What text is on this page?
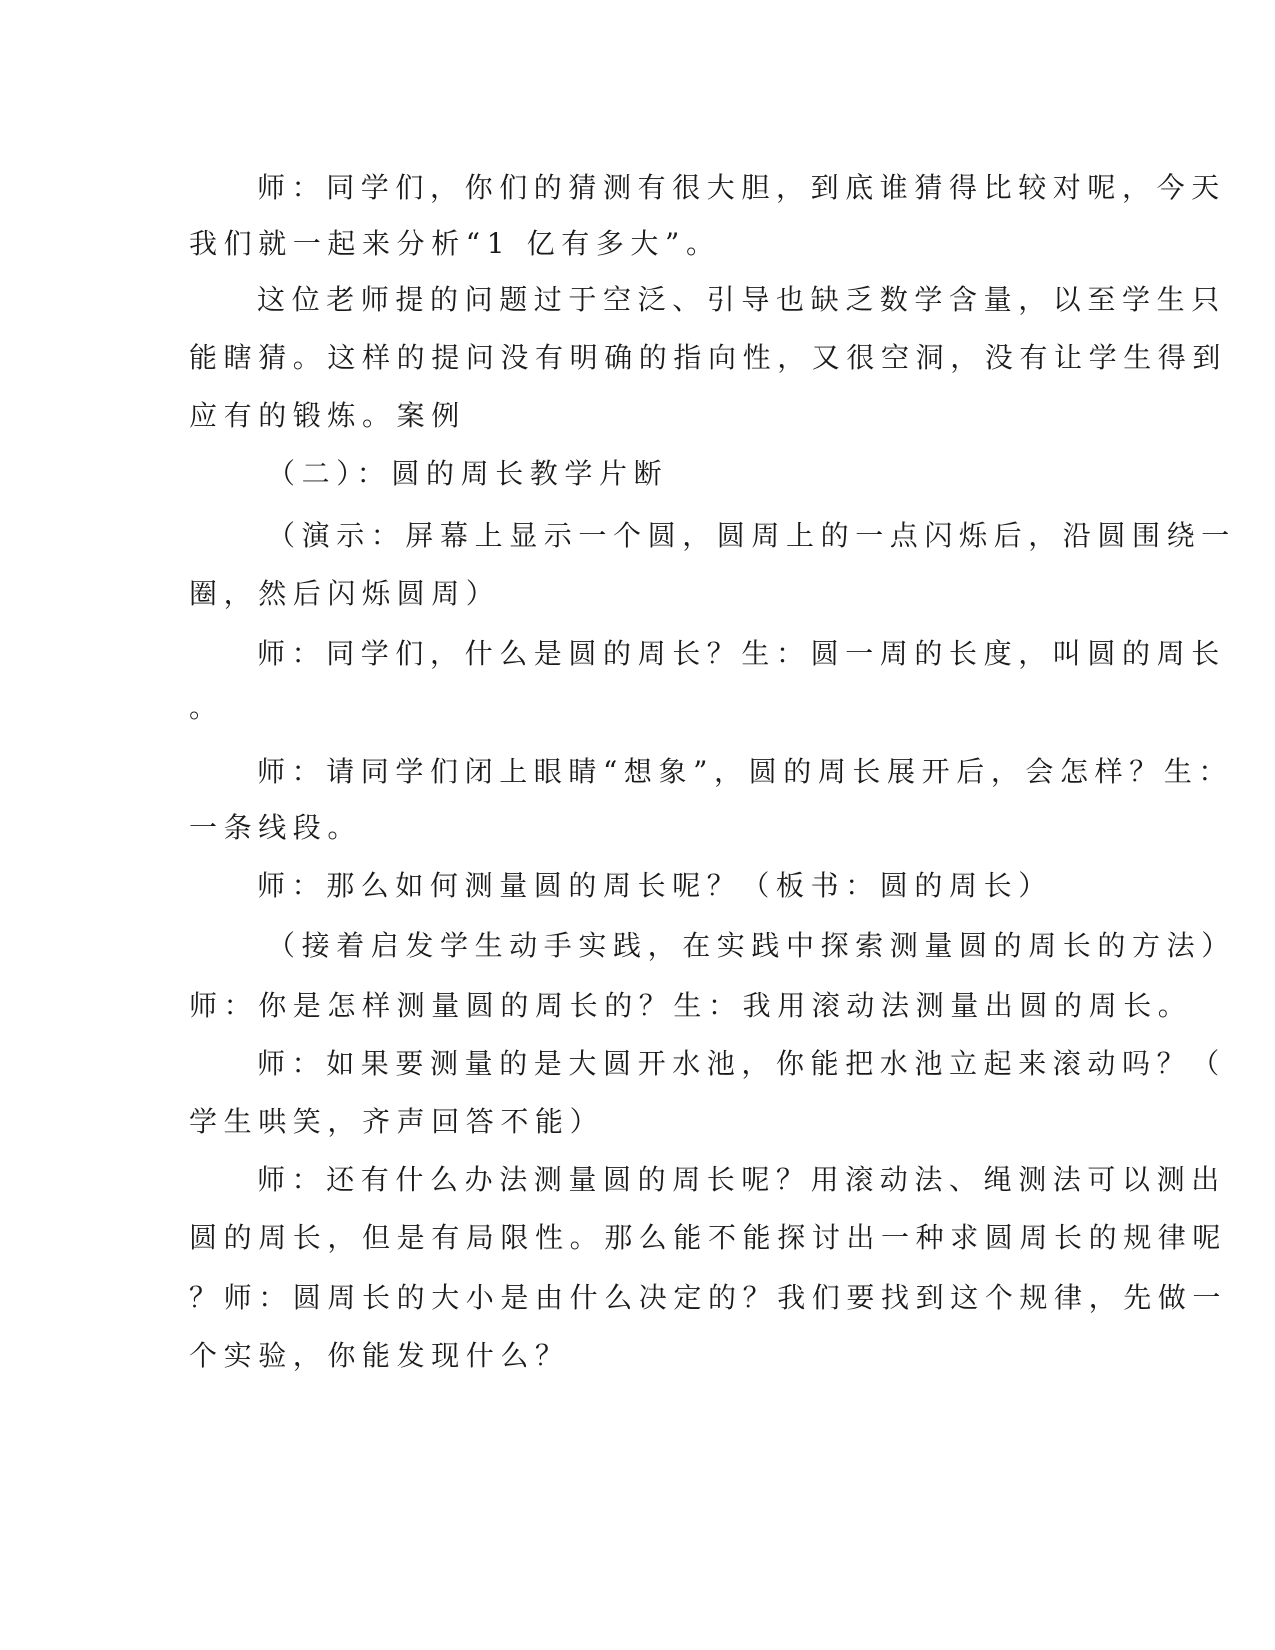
师：同学们，你们的猜测有很大胆，到底谁猜得比较对呢，今天
我们就一起来分析“1 亿有多大”。
这位老师提的问题过于空泛、引导也缺乏数学含量，以至学生只
能瞎猜。这样的提问没有明确的指向性，又很空洞，没有让学生得到
应有的锻炼。案例
（二）：圆的周长教学片断
（演示：屏幕上显示一个圆，圆周上的一点闪烁后，沿圆围绕一
圈，然后闪烁圆周）
师：同学们，什么是圆的周长？生：圆一周的长度，叫圆的周长
。
师：请同学们闭上眼睛“想象”，圆的周长展开后，会怎样？生：
一条线段。
师：那么如何测量圆的周长呢？（板书：圆的周长）
（接着启发学生动手实践，在实践中探索测量圆的周长的方法）
师：你是怎样测量圆的周长的？生：我用滚动法测量出圆的周长。
师：如果要测量的是大圆开水池，你能把水池立起来滚动吗？（
学生哄笑，齐声回答不能）
师：还有什么办法测量圆的周长呢？用滚动法、绳测法可以测出
圆的周长，但是有局限性。那么能不能探讨出一种求圆周长的规律呢
？师：圆周长的大小是由什么决定的？我们要找到这个规律，先做一
个实验，你能发现什么？
